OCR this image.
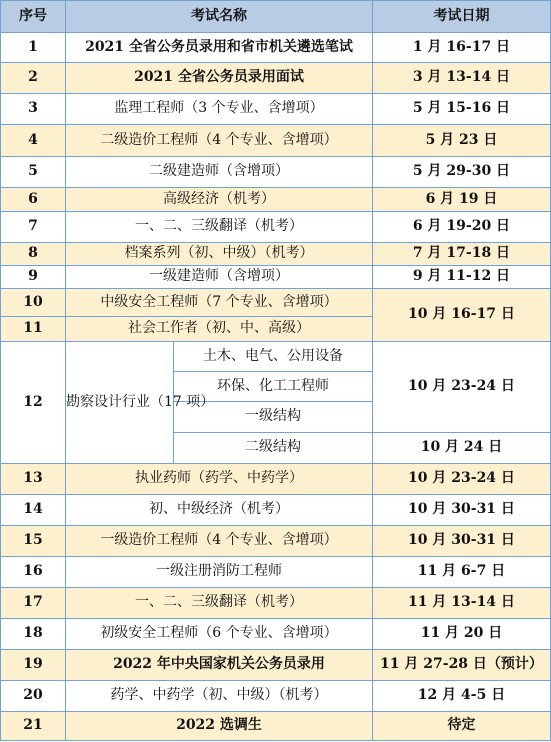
序号	考试名称		考试日期
1	2021 全省公务员录用和省市机关遴选笔试		1 月 16-17 日
2	2021 全省公务员录用面试		3 月 13-14 日
3	监理工程师（3 个专业、含增项）		5 月 15-16 日
4	二级造价工程师（4 个专业、含增项）		5 月 23 日
5	二级建造师（含增项）		5 月 29-30 日
6	高级经济（机考）		6 月 19 日
7	一、二、三级翻译（机考）		6 月 19-20 日
8	档案系列（初、中级）（机考）		7 月 17-18 日
9	一级建造师（含增项）		9 月 11-12 日
10	中级安全工程师（7 个专业、含增项）		10 月 16-17 日
11	社会工作者（初、中、高级）		
12	勘察设计行业（17 项）	土木、电气、公用设备	10 月 23-24 日
		环保、化工工程师	
		一级结构	
		二级结构	10 月 24 日
13	执业药师（药学、中药学）		10 月 23-24 日
14	初、中级经济（机考）		10 月 30-31 日
15	一级造价工程师（4 个专业、含增项）		10 月 30-31 日
16	一级注册消防工程师		11 月 6-7 日
17	一、二、三级翻译（机考）		11 月 13-14 日
18	初级安全工程师（6 个专业、含增项）		11 月 20 日
19	2022 年中央国家机关公务员录用		11 月 27-28 日（预计）
20	药学、中药学（初、中级）（机考）		12 月 4-5 日
21	2022 选调生		待定
